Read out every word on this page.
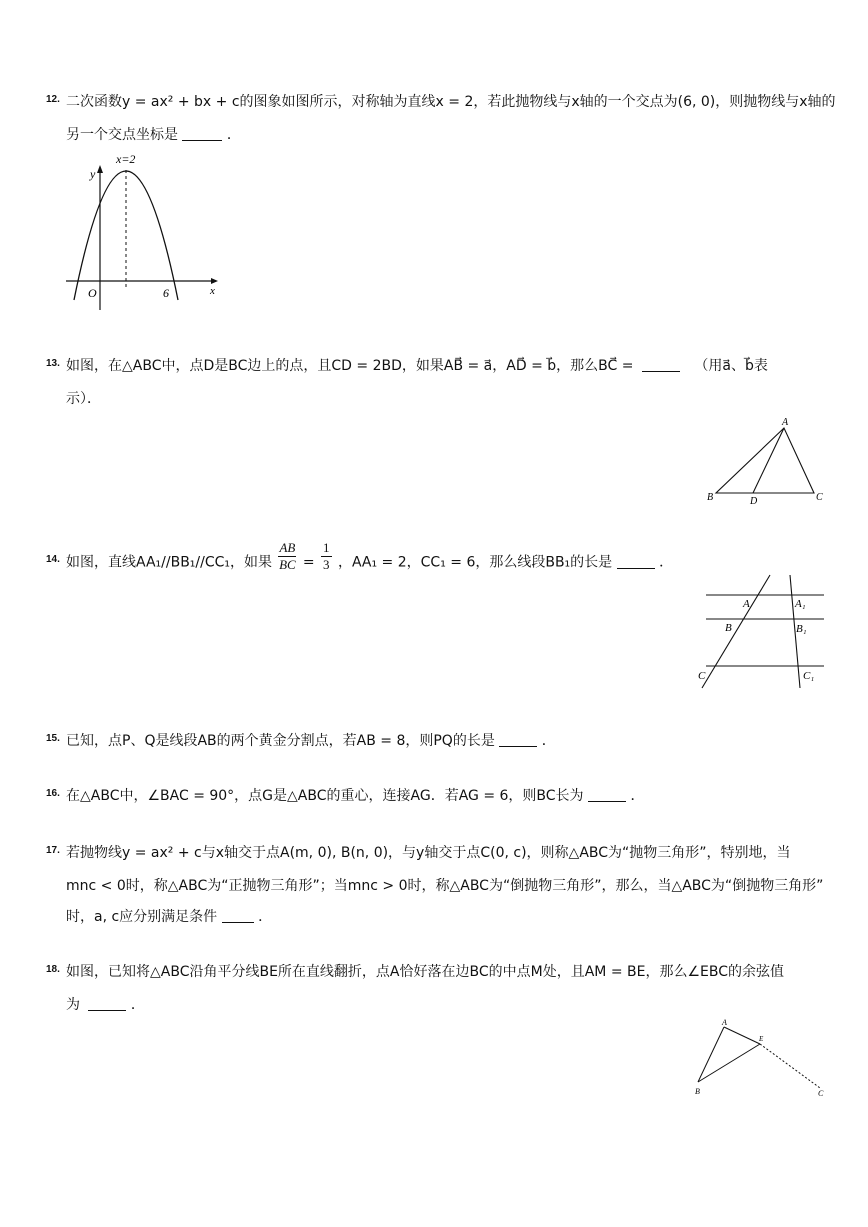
12. 二次函数y = ax² + bx + c的图象如图所示，对称轴为直线x = 2，若此抛物线与x轴的一个交点为(6, 0)，则抛物线与x轴的
另一个交点坐标是	．
x=2
y
x
O	6
13. 如图，在△ABC中，点D是BC边上的点，且CD = 2BD，如果AB⃗ = a⃗，AD⃗ = b⃗，那么BC⃗ =	（用a⃗、b⃗表
示）．
A
B	C
D
14. 如图，直线AA₁//BB₁//CC₁，如果 $\frac{AB}{BC} = \frac{1}{3}$ ，AA₁ = 2，CC₁ = 6，那么线段BB₁的长是	．
A
B
C
A₁
B₁
C₁
15. 已知，点P、Q是线段AB的两个黄金分割点，若AB = 8，则PQ的长是	．
16. 在△ABC中，∠BAC = 90°，点G是△ABC的重心，连接AG．若AG = 6，则BC长为	．
17. 若抛物线y = ax² + c与x轴交于点A(m, 0), B(n, 0)，与y轴交于点C(0, c)，则称△ABC为“抛物三角形”，特别地，当
mnc < 0时，称△ABC为“正抛物三角形”；当mnc > 0时，称△ABC为“倒抛物三角形”，那么，当△ABC为“倒抛物三角形”
时，a, c应分别满足条件	．
18. 如图，已知将△ABC沿角平分线BE所在直线翻折，点A恰好落在边BC的中点M处，且AM = BE，那么∠EBC的余弦值
为	．
A
B	C
E
